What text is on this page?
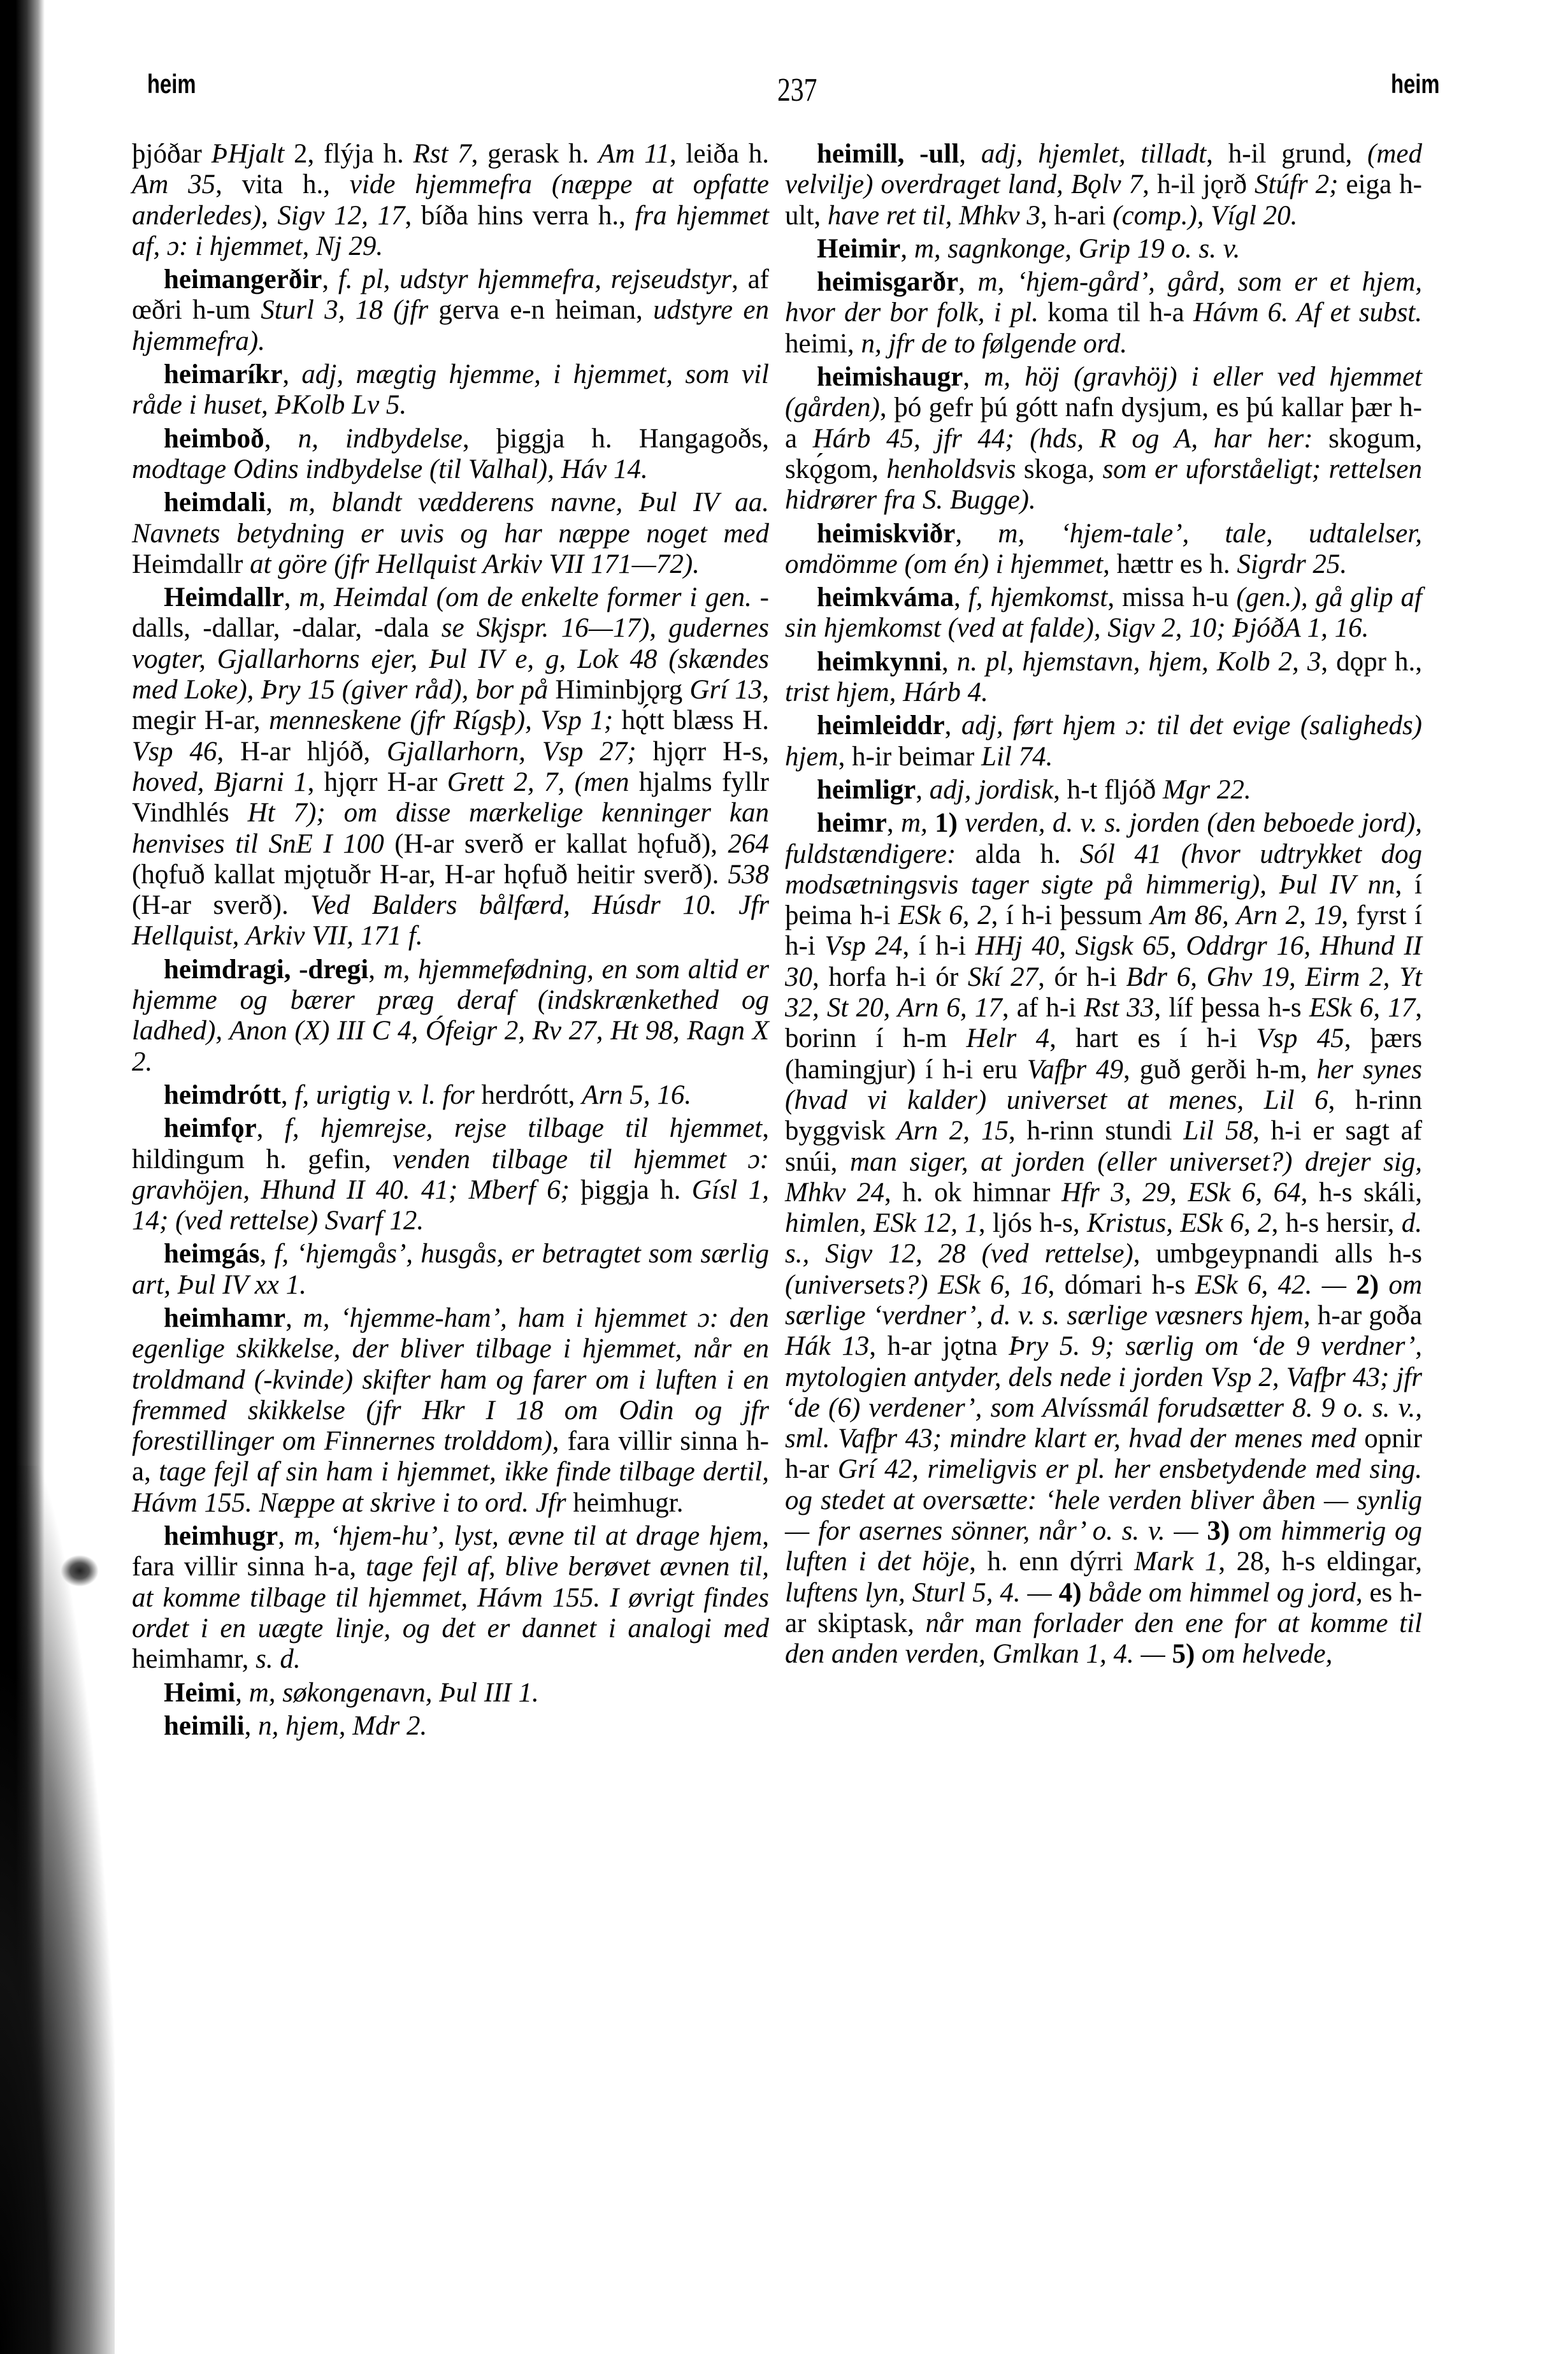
heim	237	heim

þjóðar ÞHjalt 2, flýja h. Rst 7, gerask h. Am 11, leiða h. Am 35, vita h., vide hjemmefra (næppe at opfatte anderledes), Sigv 12, 17, bíða hins verra h., fra hjemmet af, ɔ: i hjemmet, Nj 29.

heimangerðir, f. pl, udstyr hjemmefra, rejseudstyr, af œðri h-um Sturl 3, 18 (jfr gerva e-n heiman, udstyre en hjemmefra).

heimaríkr, adj, mægtig hjemme, i hjemmet, som vil råde i huset, ÞKolb Lv 5.

heimboð, n, indbydelse, þiggja h. Hangagoðs, modtage Odins indbydelse (til Valhal), Háv 14.

heimdali, m, blandt vædderens navne, Þul IV aa. Navnets betydning er uvis og har næppe noget med Heimdallr at göre (jfr Hellquist Arkiv VII 171—72).

Heimdallr, m, Heimdal (om de enkelte former i gen. -dalls, -dallar, -dalar, -dala se Skjspr. 16—17), gudernes vogter, Gjallarhorns ejer, Þul IV e, g, Lok 48 (skændes med Loke), Þry 15 (giver råd), bor på Himinbjǫrg Grí 13, megir H-ar, menneskene (jfr Rígsþ), Vsp 1; hǫ́tt blæss H. Vsp 46, H-ar hljóð, Gjallarhorn, Vsp 27; hjǫrr H-s, hoved, Bjarni 1, hjǫrr H-ar Grett 2, 7, (men hjalms fyllr Vindhlés Ht 7); om disse mærkelige kenninger kan henvises til SnE I 100 (H-ar sverð er kallat hǫfuð), 264 (hǫfuð kallat mjǫtuðr H-ar, H-ar hǫfuð heitir sverð). 538 (H-ar sverð). Ved Balders bålfærd, Húsdr 10. Jfr Hellquist, Arkiv VII, 171 f.

heimdragi, -dregi, m, hjemmefødning, en som altid er hjemme og bærer præg deraf (indskrænkethed og ladhed), Anon (X) III C 4, Ófeigr 2, Rv 27, Ht 98, Ragn X 2.

heimdrótt, f, urigtig v. l. for herdrótt, Arn 5, 16.

heimfǫr, f, hjemrejse, rejse tilbage til hjemmet, hildingum h. gefin, venden tilbage til hjemmet ɔ: gravhöjen, Hhund II 40. 41; Mberf 6; þiggja h. Gísl 1, 14; (ved rettelse) Svarf 12.

heimgás, f, ‘hjemgås’, husgås, er betragtet som særlig art, Þul IV xx 1.

heimhamr, m, ‘hjemme-ham’, ham i hjemmet ɔ: den egenlige skikkelse, der bliver tilbage i hjemmet, når en troldmand (-kvinde) skifter ham og farer om i luften i en fremmed skikkelse (jfr Hkr I 18 om Odin og jfr forestillinger om Finnernes trolddom), fara villir sinna h-a, tage fejl af sin ham i hjemmet, ikke finde tilbage dertil, Hávm 155. Næppe at skrive i to ord. Jfr heimhugr.

heimhugr, m, ‘hjem-hu’, lyst, ævne til at drage hjem, fara villir sinna h-a, tage fejl af, blive berøvet ævnen til, at komme tilbage til hjemmet, Hávm 155. I øvrigt findes ordet i en uægte linje, og det er dannet i analogi med heimhamr, s. d.

Heimi, m, søkongenavn, Þul III 1.

heimili, n, hjem, Mdr 2.

heimill, -ull, adj, hjemlet, tilladt, h-il grund, (med velvilje) overdraget land, Bǫlv 7, h-il jǫrð Stúfr 2; eiga h-ult, have ret til, Mhkv 3, h-ari (comp.), Vígl 20.

Heimir, m, sagnkonge, Grip 19 o. s. v.

heimisgarðr, m, ‘hjem-gård’, gård, som er et hjem, hvor der bor folk, i pl. koma til h-a Hávm 6. Af et subst. heimi, n, jfr de to følgende ord.

heimishaugr, m, höj (gravhöj) i eller ved hjemmet (gården), þó gefr þú gótt nafn dysjum, es þú kallar þær h-a Hárb 45, jfr 44; (hds, R og A, har her: skogum, skǫ́gom, henholdsvis skoga, som er uforståeligt; rettelsen hidrører fra S. Bugge).

heimiskviðr, m, ‘hjem-tale’, tale, udtalelser, omdömme (om én) i hjemmet, hættr es h. Sigrdr 25.

heimkváma, f, hjemkomst, missa h-u (gen.), gå glip af sin hjemkomst (ved at falde), Sigv 2, 10; ÞjóðA 1, 16.

heimkynni, n. pl, hjemstavn, hjem, Kolb 2, 3, dǫpr h., trist hjem, Hárb 4.

heimleiddr, adj, ført hjem ɔ: til det evige (saligheds) hjem, h-ir beimar Lil 74.

heimligr, adj, jordisk, h-t fljóð Mgr 22.

heimr, m, 1) verden, d. v. s. jorden (den beboede jord), fuldstændigere: alda h. Sól 41 (hvor udtrykket dog modsætningsvis tager sigte på himmerig), Þul IV nn, í þeima h-i ESk 6, 2, í h-i þessum Am 86, Arn 2, 19, fyrst í h-i Vsp 24, í h-i HHj 40, Sigsk 65, Oddrgr 16, Hhund II 30, horfa h-i ór Skí 27, ór h-i Bdr 6, Ghv 19, Eirm 2, Yt 32, St 20, Arn 6, 17, af h-i Rst 33, líf þessa h-s ESk 6, 17, borinn í h-m Helr 4, hart es í h-i Vsp 45, þærs (hamingjur) í h-i eru Vafþr 49, guð gerði h-m, her synes (hvad vi kalder) universet at menes, Lil 6, h-rinn byggvisk Arn 2, 15, h-rinn stundi Lil 58, h-i er sagt af snúi, man siger, at jorden (eller universet?) drejer sig, Mhkv 24, h. ok himnar Hfr 3, 29, ESk 6, 64, h-s skáli, himlen, ESk 12, 1, ljós h-s, Kristus, ESk 6, 2, h-s hersir, d. s., Sigv 12, 28 (ved rettelse), umbgeypnandi alls h-s (universets?) ESk 6, 16, dómari h-s ESk 6, 42. — 2) om særlige ‘verdner’, d. v. s. særlige væsners hjem, h-ar goða Hák 13, h-ar jǫtna Þry 5. 9; særlig om ‘de 9 verdner’, mytologien antyder, dels nede i jorden Vsp 2, Vafþr 43; jfr ‘de (6) verdener’, som Alvíssmál forudsætter 8. 9 o. s. v., sml. Vafþr 43; mindre klart er, hvad der menes med opnir h-ar Grí 42, rimeligvis er pl. her ensbetydende med sing. og stedet at oversætte: ‘hele verden bliver åben — synlig — for asernes sönner, når’ o. s. v. — 3) om himmerig og luften i det höje, h. enn dýrri Mark 1, 28, h-s eldingar, luftens lyn, Sturl 5, 4. — 4) både om himmel og jord, es h-ar skiptask, når man forlader den ene for at komme til den anden verden, Gmlkan 1, 4. — 5) om helvede,
